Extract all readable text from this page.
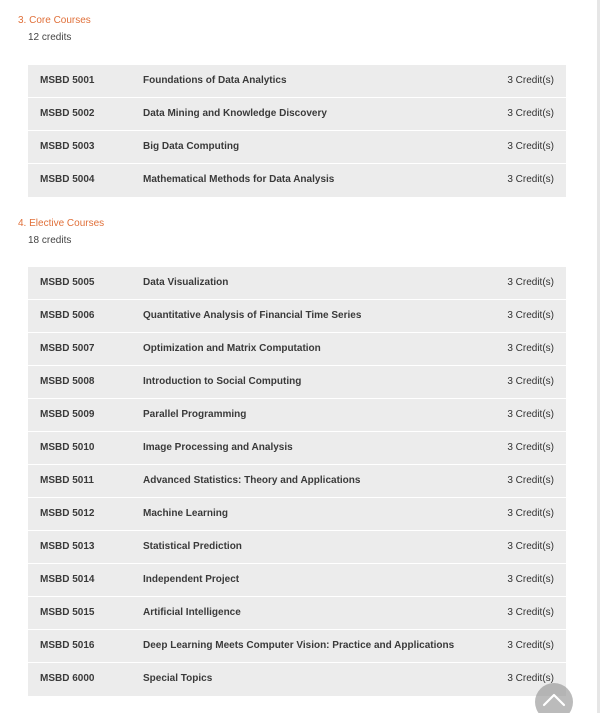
3. Core Courses
12 credits
MSBD 5001	Foundations of Data Analytics	3 Credit(s)
MSBD 5002	Data Mining and Knowledge Discovery	3 Credit(s)
MSBD 5003	Big Data Computing	3 Credit(s)
MSBD 5004	Mathematical Methods for Data Analysis	3 Credit(s)
4. Elective Courses
18 credits
MSBD 5005	Data Visualization	3 Credit(s)
MSBD 5006	Quantitative Analysis of Financial Time Series	3 Credit(s)
MSBD 5007	Optimization and Matrix Computation	3 Credit(s)
MSBD 5008	Introduction to Social Computing	3 Credit(s)
MSBD 5009	Parallel Programming	3 Credit(s)
MSBD 5010	Image Processing and Analysis	3 Credit(s)
MSBD 5011	Advanced Statistics: Theory and Applications	3 Credit(s)
MSBD 5012	Machine Learning	3 Credit(s)
MSBD 5013	Statistical Prediction	3 Credit(s)
MSBD 5014	Independent Project	3 Credit(s)
MSBD 5015	Artificial Intelligence	3 Credit(s)
MSBD 5016	Deep Learning Meets Computer Vision: Practice and Applications	3 Credit(s)
MSBD 6000	Special Topics	3 Credit(s)
